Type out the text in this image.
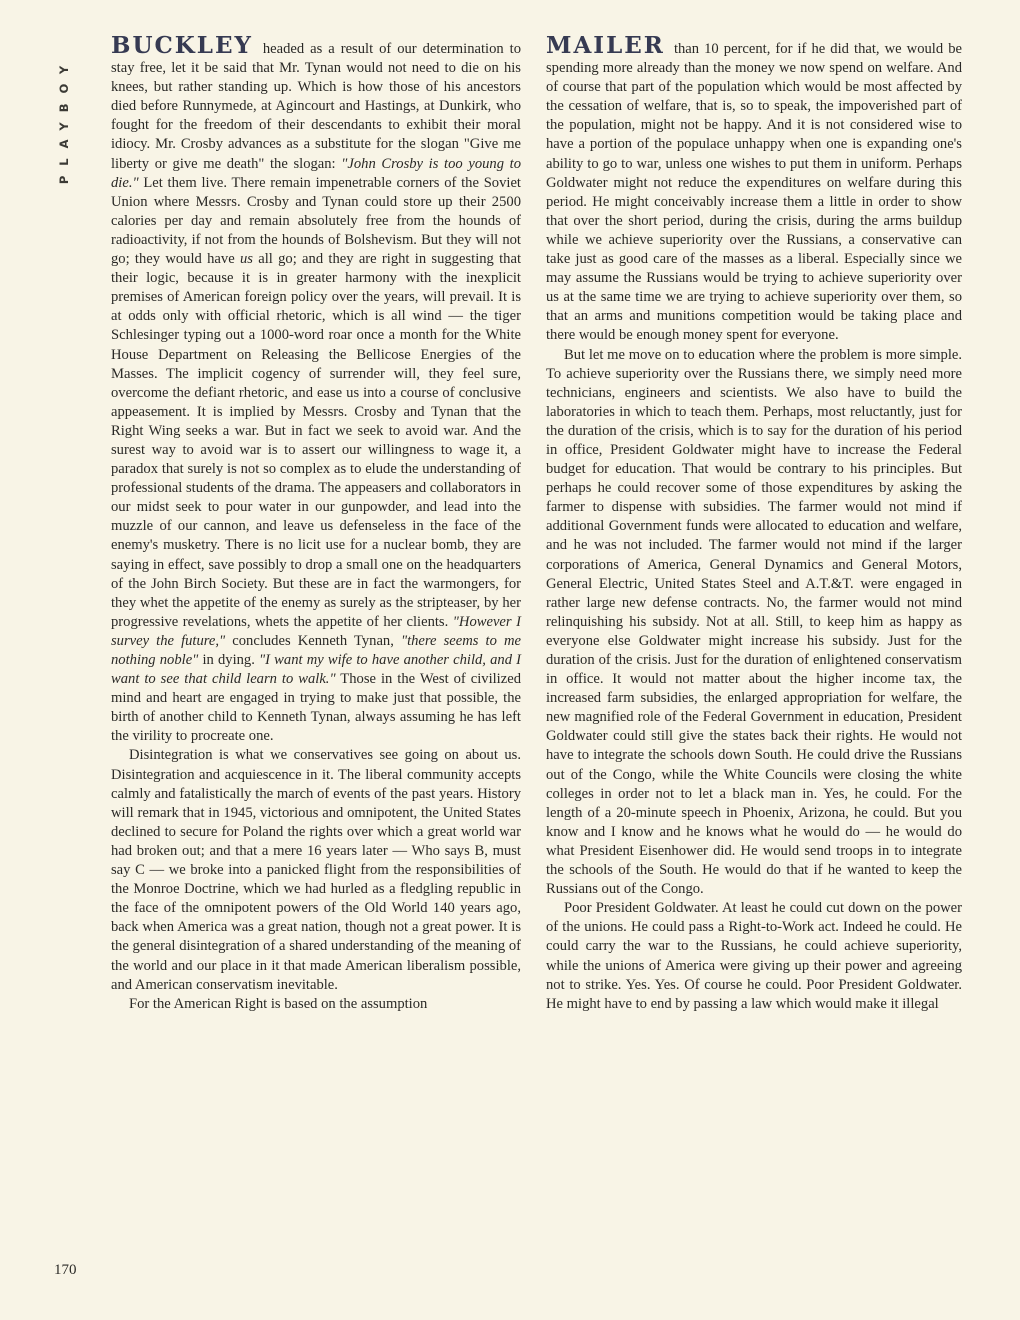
PLAYBOY

BUCKLEY headed as a result of our determination to stay free, let it be said that Mr. Tynan would not need to die on his knees, but rather standing up. Which is how those of his ancestors died before Runnymede, at Agincourt and Hastings, at Dunkirk, who fought for the freedom of their descendants to exhibit their moral idiocy. Mr. Crosby advances as a substitute for the slogan "Give me liberty or give me death" the slogan: "John Crosby is too young to die." Let them live. There remain impenetrable corners of the Soviet Union where Messrs. Crosby and Tynan could store up their 2500 calories per day and remain absolutely free from the hounds of radioactivity, if not from the hounds of Bolshevism. But they will not go; they would have us all go; and they are right in suggesting that their logic, because it is in greater harmony with the inexplicit premises of American foreign policy over the years, will prevail. It is at odds only with official rhetoric, which is all wind — the tiger Schlesinger typing out a 1000-word roar once a month for the White House Department on Releasing the Bellicose Energies of the Masses. The implicit cogency of surrender will, they feel sure, overcome the defiant rhetoric, and ease us into a course of conclusive appeasement. It is implied by Messrs. Crosby and Tynan that the Right Wing seeks a war. But in fact we seek to avoid war. And the surest way to avoid war is to assert our willingness to wage it, a paradox that surely is not so complex as to elude the understanding of professional students of the drama. The appeasers and collaborators in our midst seek to pour water in our gunpowder, and lead into the muzzle of our cannon, and leave us defenseless in the face of the enemy's musketry. There is no licit use for a nuclear bomb, they are saying in effect, save possibly to drop a small one on the headquarters of the John Birch Society. But these are in fact the warmongers, for they whet the appetite of the enemy as surely as the stripteaser, by her progressive revelations, whets the appetite of her clients. "However I survey the future," concludes Kenneth Tynan, "there seems to me nothing noble" in dying. "I want my wife to have another child, and I want to see that child learn to walk." Those in the West of civilized mind and heart are engaged in trying to make just that possible, the birth of another child to Kenneth Tynan, always assuming he has left the virility to procreate one.

Disintegration is what we conservatives see going on about us. Disintegration and acquiescence in it. The liberal community accepts calmly and fatalistically the march of events of the past years. History will remark that in 1945, victorious and omnipotent, the United States declined to secure for Poland the rights over which a great world war had broken out; and that a mere 16 years later — Who says B, must say C — we broke into a panicked flight from the responsibilities of the Monroe Doctrine, which we had hurled as a fledgling republic in the face of the omnipotent powers of the Old World 140 years ago, back when America was a great nation, though not a great power. It is the general disintegration of a shared understanding of the meaning of the world and our place in it that made American liberalism possible, and American conservatism inevitable.

For the American Right is based on the assumption

MAILER than 10 percent, for if he did that, we would be spending more already than the money we now spend on welfare. And of course that part of the population which would be most affected by the cessation of welfare, that is, so to speak, the impoverished part of the population, might not be happy. And it is not considered wise to have a portion of the populace unhappy when one is expanding one's ability to go to war, unless one wishes to put them in uniform. Perhaps Goldwater might not reduce the expenditures on welfare during this period. He might conceivably increase them a little in order to show that over the short period, during the crisis, during the arms buildup while we achieve superiority over the Russians, a conservative can take just as good care of the masses as a liberal. Especially since we may assume the Russians would be trying to achieve superiority over us at the same time we are trying to achieve superiority over them, so that an arms and munitions competition would be taking place and there would be enough money spent for everyone.

But let me move on to education where the problem is more simple. To achieve superiority over the Russians there, we simply need more technicians, engineers and scientists. We also have to build the laboratories in which to teach them. Perhaps, most reluctantly, just for the duration of the crisis, which is to say for the duration of his period in office, President Goldwater might have to increase the Federal budget for education. That would be contrary to his principles. But perhaps he could recover some of those expenditures by asking the farmer to dispense with subsidies. The farmer would not mind if additional Government funds were allocated to education and welfare, and he was not included. The farmer would not mind if the larger corporations of America, General Dynamics and General Motors, General Electric, United States Steel and A.T.&T. were engaged in rather large new defense contracts. No, the farmer would not mind relinquishing his subsidy. Not at all. Still, to keep him as happy as everyone else Goldwater might increase his subsidy. Just for the duration of the crisis. Just for the duration of enlightened conservatism in office. It would not matter about the higher income tax, the increased farm subsidies, the enlarged appropriation for welfare, the new magnified role of the Federal Government in education, President Goldwater could still give the states back their rights. He would not have to integrate the schools down South. He could drive the Russians out of the Congo, while the White Councils were closing the white colleges in order not to let a black man in. Yes, he could. For the length of a 20-minute speech in Phoenix, Arizona, he could. But you know and I know and he knows what he would do — he would do what President Eisenhower did. He would send troops in to integrate the schools of the South. He would do that if he wanted to keep the Russians out of the Congo.

Poor President Goldwater. At least he could cut down on the power of the unions. He could pass a Right-to-Work act. Indeed he could. He could carry the war to the Russians, he could achieve superiority, while the unions of America were giving up their power and agreeing not to strike. Yes. Yes. Of course he could. Poor President Goldwater. He might have to end by passing a law which would make it illegal

170
